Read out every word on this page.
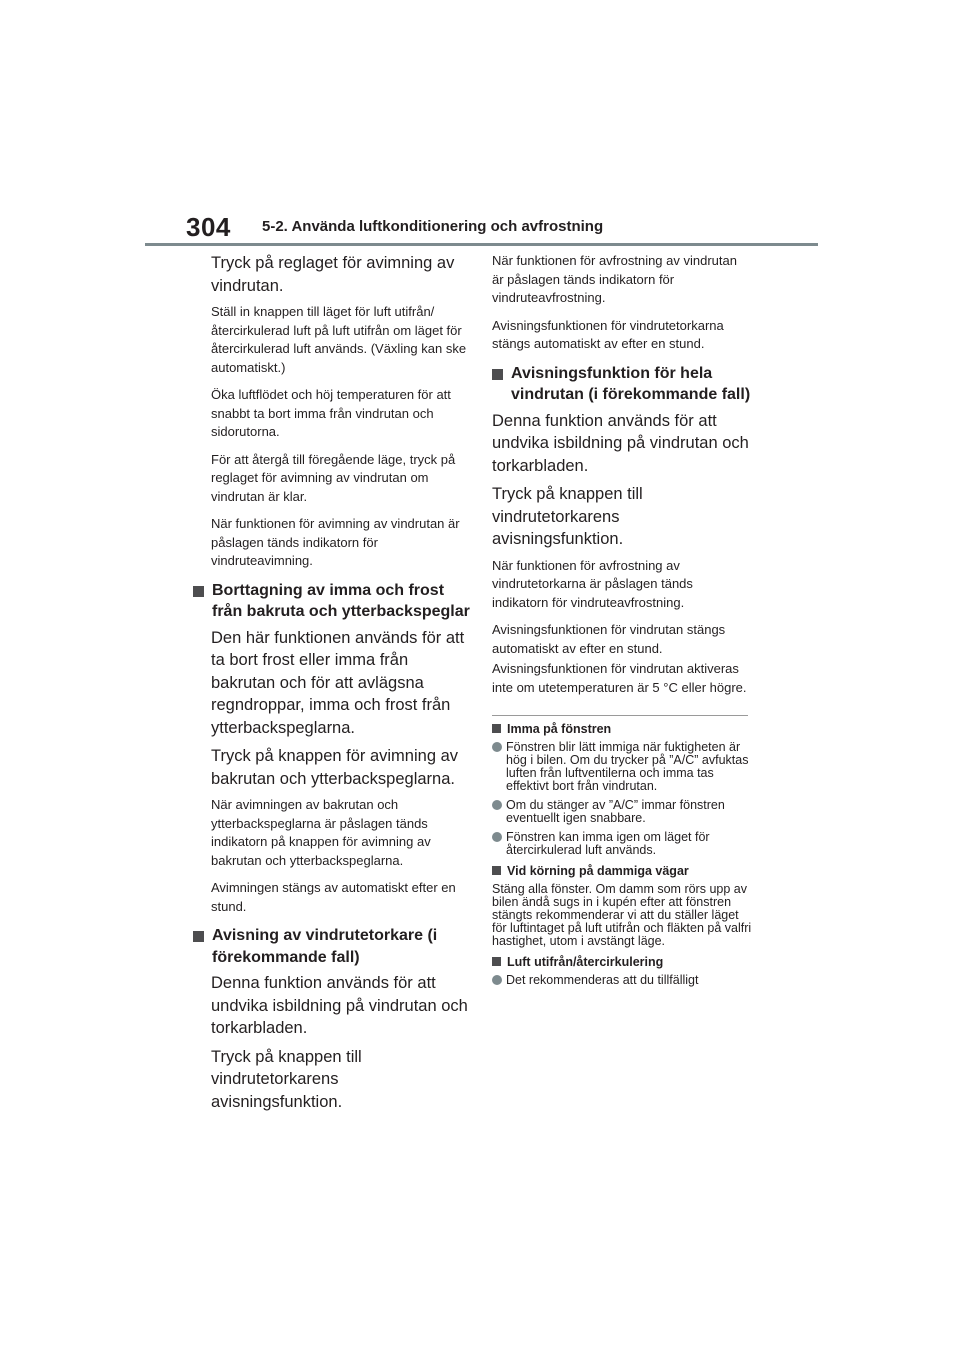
304 5-2. Använda luftkonditionering och avfrostning

Tryck på reglaget för avimning av vindrutan.

Ställ in knappen till läget för luft utifrån/återcirkulerad luft på luft utifrån om läget för återcirkulerad luft används. (Växling kan ske automatiskt.)

Öka luftflödet och höj temperaturen för att snabbt ta bort imma från vindrutan och sidorutorna.

För att återgå till föregående läge, tryck på reglaget för avimning av vindrutan om vindrutan är klar.

När funktionen för avimning av vindrutan är påslagen tänds indikatorn för vindruteavimning.

Borttagning av imma och frost från bakruta och ytterbackspeglar

Den här funktionen används för att ta bort frost eller imma från bakrutan och för att avlägsna regndroppar, imma och frost från ytterbackspeglarna.

Tryck på knappen för avimning av bakrutan och ytterbackspeglarna.

När avimningen av bakrutan och ytterbackspeglarna är påslagen tänds indikatorn på knappen för avimning av bakrutan och ytterbackspeglarna.

Avimningen stängs av automatiskt efter en stund.

Avisning av vindrutetorkare (i förekommande fall)

Denna funktion används för att undvika isbildning på vindrutan och torkarbladen.

Tryck på knappen till vindrutetorkarens avisningsfunktion.

När funktionen för avfrostning av vindrutan är påslagen tänds indikatorn för vindruteavfrostning.

Avisningsfunktionen för vindrutetorkarna stängs automatiskt av efter en stund.

Avisningsfunktion för hela vindrutan (i förekommande fall)

Denna funktion används för att undvika isbildning på vindrutan och torkarbladen.

Tryck på knappen till vindrutetorkarens avisningsfunktion.

När funktionen för avfrostning av vindrutetorkarna är påslagen tänds indikatorn för vindruteavfrostning.

Avisningsfunktionen för vindrutan stängs automatiskt av efter en stund.

Avisningsfunktionen för vindrutan aktiveras inte om utetemperaturen är 5 °C eller högre.

Imma på fönstren
Fönstren blir lätt immiga när fuktigheten är hög i bilen. Om du trycker på ”A/C” avfuktas luften från luftventilerna och imma tas effektivt bort från vindrutan.
Om du stänger av ”A/C” immar fönstren eventuellt igen snabbare.
Fönstren kan imma igen om läget för återcirkulerad luft används.
Vid körning på dammiga vägar

Stäng alla fönster. Om damm som rörs upp av bilen ändå sugs in i kupén efter att fönstren stängts rekommenderar vi att du ställer läget för luftintaget på luft utifrån och fläkten på valfri hastighet, utom i avstängt läge.

Luft utifrån/återcirkulering
Det rekommenderas att du tillfälligt
